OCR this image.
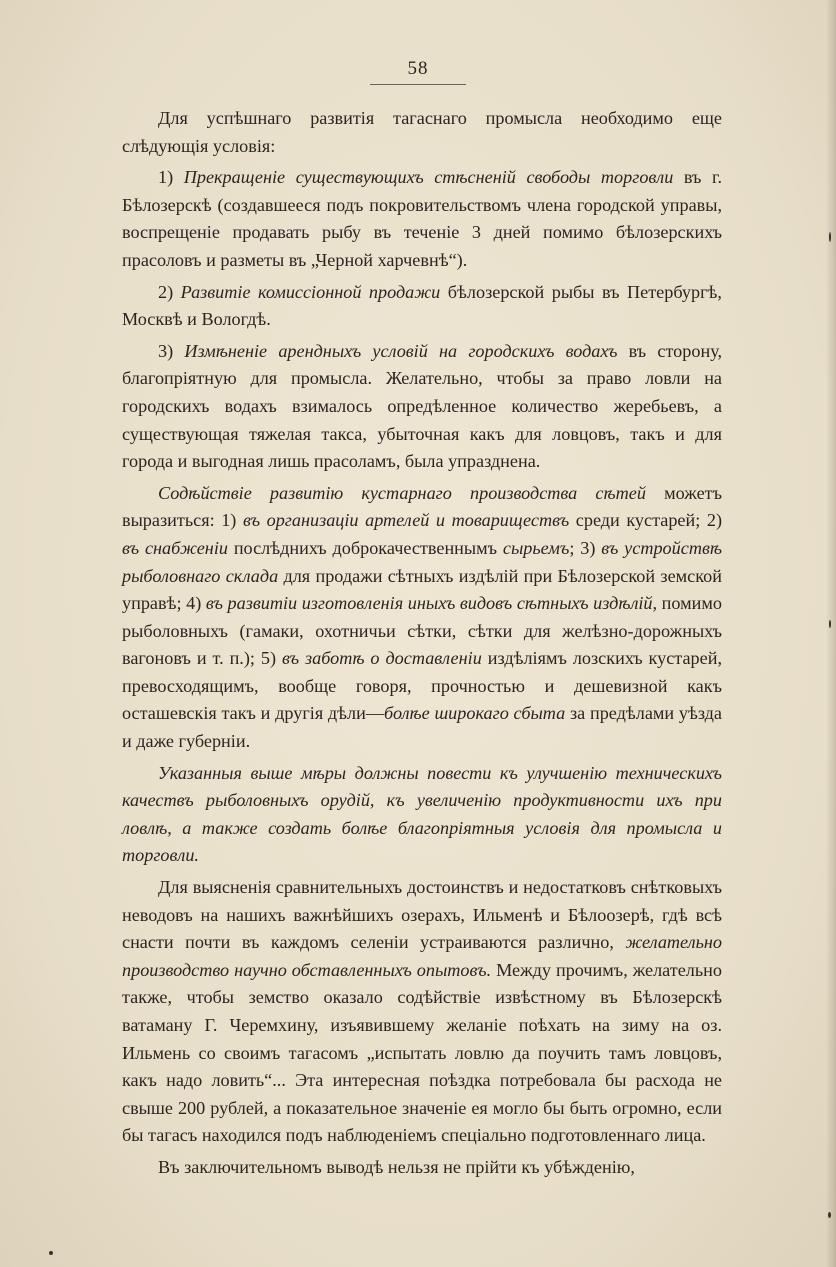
58

Для успѣшнаго развитія тагаснаго промысла необходимо еще слѣдующія условія:

1) Прекращеніе существующихъ стѣсненій свободы торговли въ г. Бѣлозерскѣ (создавшееся подъ покровительствомъ члена городской управы, воспрещеніе продавать рыбу въ теченіе 3 дней помимо бѣлозерскихъ прасоловъ и разметы въ „Черной харчевнѣ“).

2) Развитіе комиссіонной продажи бѣлозерской рыбы въ Петербургѣ, Москвѣ и Вологдѣ.

3) Измѣненіе арендныхъ условій на городскихъ водахъ въ сторону, благопріятную для промысла. Желательно, чтобы за право ловли на городскихъ водахъ взималось опредѣленное количество жеребьевъ, а существующая тяжелая такса, убыточная какъ для ловцовъ, такъ и для города и выгодная лишь прасоламъ, была упразднена.

Содѣйствіе развитію кустарнаго производства сѣтей можетъ выразиться: 1) въ организаціи артелей и товариществъ среди кустарей; 2) въ снабженіи послѣднихъ доброкачественнымъ сырьемъ; 3) въ устройствѣ рыболовнаго склада для продажи сѣтныхъ издѣлій при Бѣлозерской земской управѣ; 4) въ развитіи изготовленія иныхъ видовъ сѣтныхъ издѣлій, помимо рыболовныхъ (гамаки, охотничьи сѣтки, сѣтки для желѣзно-дорожныхъ вагоновъ и т. п.); 5) въ заботѣ о доставленіи издѣліямъ лозскихъ кустарей, превосходящимъ, вообще говоря, прочностью и дешевизной какъ осташевскія такъ и другія дѣли—болѣе широкаго сбыта за предѣлами уѣзда и даже губерніи.

Указанныя выше мѣры должны повести къ улучшенію техническихъ качествъ рыболовныхъ орудій, къ увеличенію продуктивности ихъ при ловлѣ, а также создать болѣе благопріятныя условія для промысла и торговли.

Для выясненія сравнительныхъ достоинствъ и недостатковъ снѣтковыхъ неводовъ на нашихъ важнѣйшихъ озерахъ, Ильменѣ и Бѣлоозерѣ, гдѣ всѣ снасти почти въ каждомъ селеніи устраиваются различно, желательно производство научно обставленныхъ опытовъ. Между прочимъ, желательно также, чтобы земство оказало содѣйствіе извѣстному въ Бѣлозерскѣ ватаману Г. Черемхину, изъявившему желаніе поѣхать на зиму на оз. Ильмень со своимъ тагасомъ „испытать ловлю да поучить тамъ ловцовъ, какъ надо ловить“... Эта интересная поѣздка потребовала бы расхода не свыше 200 рублей, а показательное значеніе ея могло бы быть огромно, если бы тагасъ находился подъ наблюденіемъ спеціально подготовленнаго лица.

Въ заключительномъ выводѣ нельзя не прійти къ убѣжденію,
